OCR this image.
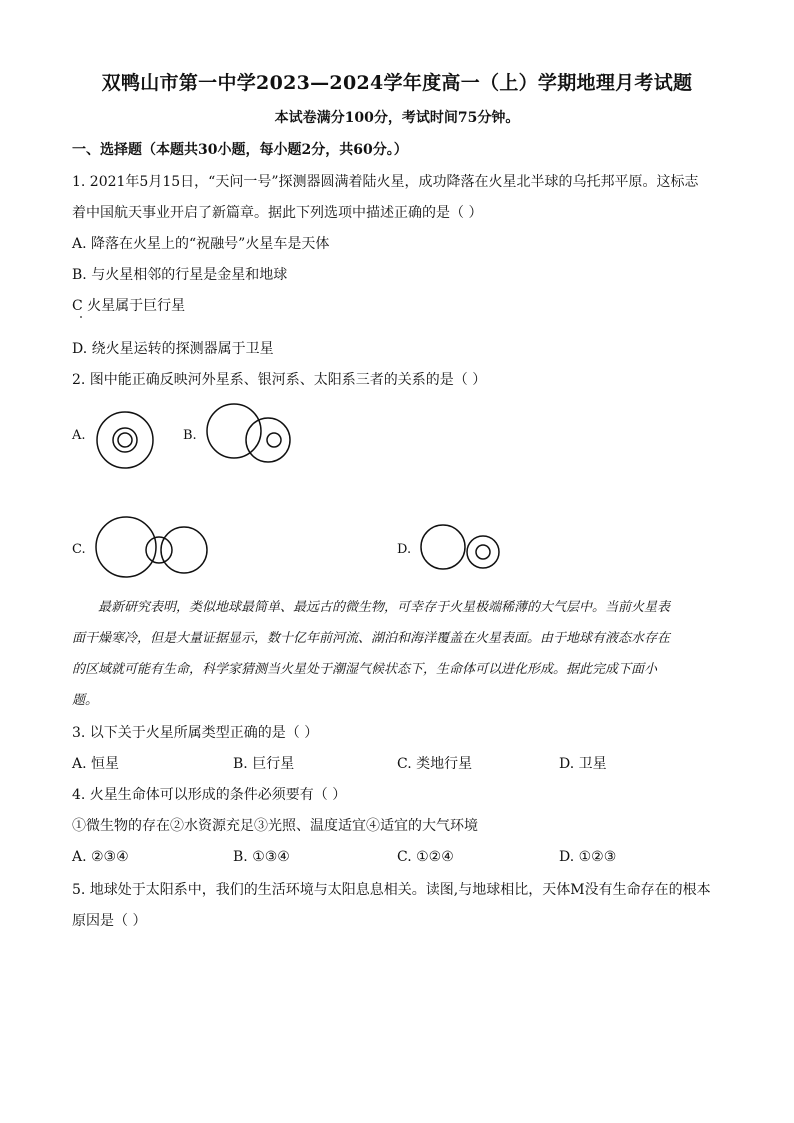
双鸭山市第一中学2023—2024学年度高一（上）学期地理月考试题
本试卷满分100分，考试时间75分钟。
一、选择题（本题共30小题，每小题2分，共60分。）
1. 2021年5月15日，“天问一号”探测器圆满着陆火星，成功降落在火星北半球的乌托邦平原。这标志
着中国航天事业开启了新篇章。据此下列选项中描述正确的是（ ）
A. 降落在火星上的“祝融号”火星车是天体
B. 与火星相邻的行星是金星和地球
C 火星属于巨行星
D. 绕火星运转的探测器属于卫星
2. 图中能正确反映河外星系、银河系、太阳系三者的关系的是（ ）
A.	B.
C.	D.
最新研究表明，类似地球最简单、最远古的微生物，可幸存于火星极端稀薄的大气层中。当前火星表
面干燥寒冷，但是大量证据显示，数十亿年前河流、湖泊和海洋覆盖在火星表面。由于地球有液态水存在
的区域就可能有生命，科学家猜测当火星处于潮湿气候状态下，生命体可以进化形成。据此完成下面小
题。
3. 以下关于火星所属类型正确的是（ ）
A. 恒星	B. 巨行星	C. 类地行星	D. 卫星
4. 火星生命体可以形成的条件必须要有（ ）
①微生物的存在②水资源充足③光照、温度适宜④适宜的大气环境
A. ②③④	B. ①③④	C. ①②④	D. ①②③
5. 地球处于太阳系中，我们的生活环境与太阳息息相关。读图,与地球相比，天体M没有生命存在的根本
原因是（ ）
